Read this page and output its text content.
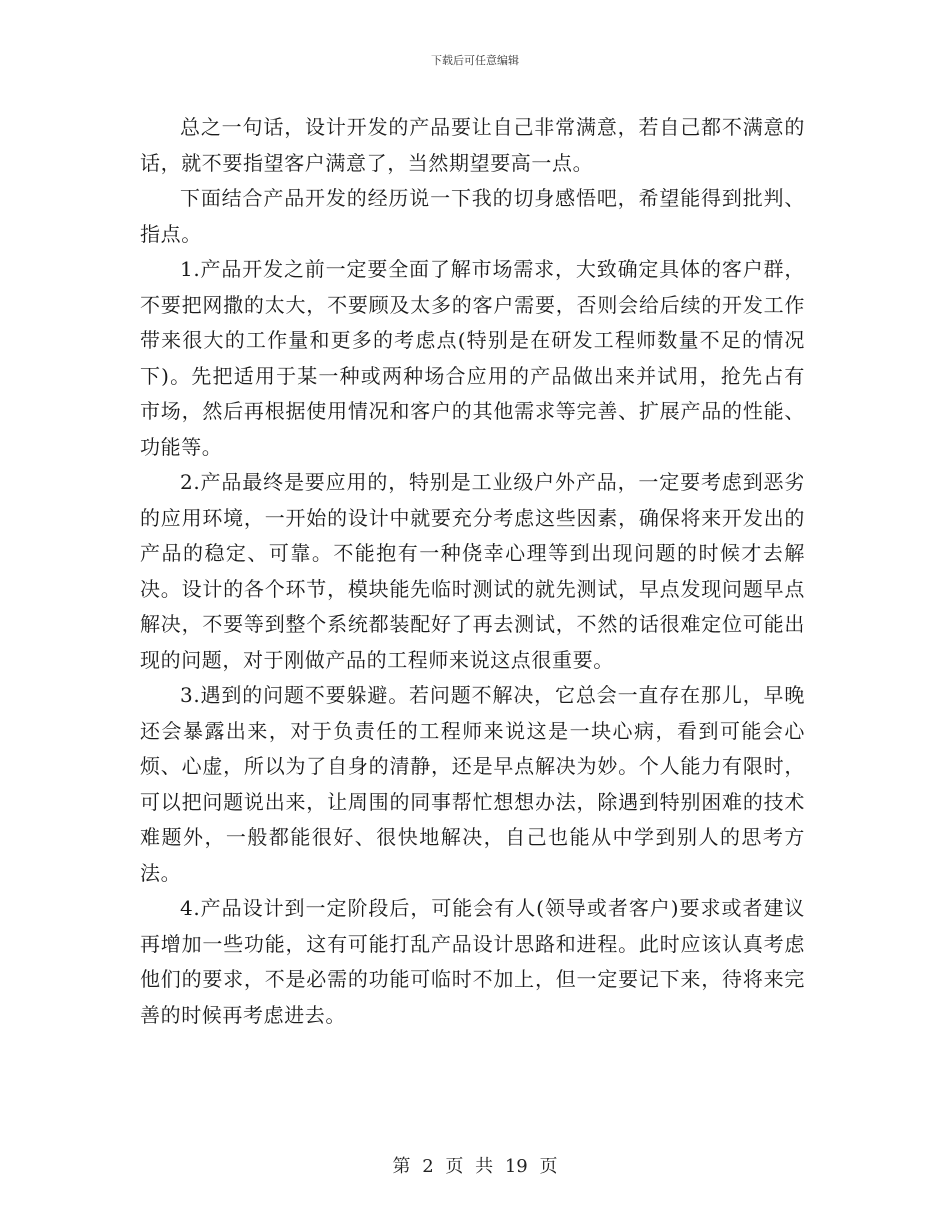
下载后可任意编辑

总之一句话，设计开发的产品要让自己非常满意，若自己都不满意的话，就不要指望客户满意了，当然期望要高一点。

下面结合产品开发的经历说一下我的切身感悟吧，希望能得到批判、指点。

1.产品开发之前一定要全面了解市场需求，大致确定具体的客户群，不要把网撒的太大，不要顾及太多的客户需要，否则会给后续的开发工作带来很大的工作量和更多的考虑点(特别是在研发工程师数量不足的情况下)。先把适用于某一种或两种场合应用的产品做出来并试用，抢先占有市场，然后再根据使用情况和客户的其他需求等完善、扩展产品的性能、功能等。

2.产品最终是要应用的，特别是工业级户外产品，一定要考虑到恶劣的应用环境，一开始的设计中就要充分考虑这些因素，确保将来开发出的产品的稳定、可靠。不能抱有一种侥幸心理等到出现问题的时候才去解决。设计的各个环节，模块能先临时测试的就先测试，早点发现问题早点解决，不要等到整个系统都装配好了再去测试，不然的话很难定位可能出现的问题，对于刚做产品的工程师来说这点很重要。

3.遇到的问题不要躲避。若问题不解决，它总会一直存在那儿，早晚还会暴露出来，对于负责任的工程师来说这是一块心病，看到可能会心烦、心虚，所以为了自身的清静，还是早点解决为妙。个人能力有限时，可以把问题说出来，让周围的同事帮忙想想办法，除遇到特别困难的技术难题外，一般都能很好、很快地解决，自己也能从中学到别人的思考方法。

4.产品设计到一定阶段后，可能会有人(领导或者客户)要求或者建议再增加一些功能，这有可能打乱产品设计思路和进程。此时应该认真考虑他们的要求，不是必需的功能可临时不加上，但一定要记下来，待将来完善的时候再考虑进去。

第 2 页 共 19 页
